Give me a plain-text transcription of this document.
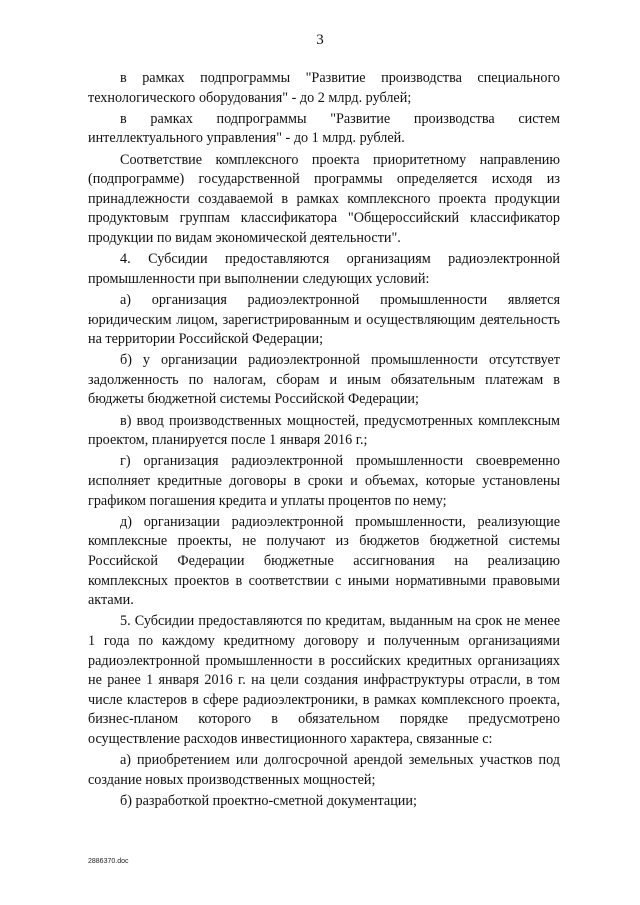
3

в рамках подпрограммы "Развитие производства специального технологического оборудования" - до 2 млрд. рублей;

в рамках подпрограммы "Развитие производства систем интеллектуального управления" - до 1 млрд. рублей.

Соответствие комплексного проекта приоритетному направлению (подпрограмме) государственной программы определяется исходя из принадлежности создаваемой в рамках комплексного проекта продукции продуктовым группам классификатора "Общероссийский классификатор продукции по видам экономической деятельности".

4. Субсидии предоставляются организациям радиоэлектронной промышленности при выполнении следующих условий:

а) организация радиоэлектронной промышленности является юридическим лицом, зарегистрированным и осуществляющим деятельность на территории Российской Федерации;

б) у организации радиоэлектронной промышленности отсутствует задолженность по налогам, сборам и иным обязательным платежам в бюджеты бюджетной системы Российской Федерации;

в) ввод производственных мощностей, предусмотренных комплексным проектом, планируется после 1 января 2016 г.;

г) организация радиоэлектронной промышленности своевременно исполняет кредитные договоры в сроки и объемах, которые установлены графиком погашения кредита и уплаты процентов по нему;

д) организации радиоэлектронной промышленности, реализующие комплексные проекты, не получают из бюджетов бюджетной системы Российской Федерации бюджетные ассигнования на реализацию комплексных проектов в соответствии с иными нормативными правовыми актами.

5. Субсидии предоставляются по кредитам, выданным на срок не менее 1 года по каждому кредитному договору и полученным организациями радиоэлектронной промышленности в российских кредитных организациях не ранее 1 января 2016 г. на цели создания инфраструктуры отрасли, в том числе кластеров в сфере радиоэлектроники, в рамках комплексного проекта, бизнес-планом которого в обязательном порядке предусмотрено осуществление расходов инвестиционного характера, связанные с:

а) приобретением или долгосрочной арендой земельных участков под создание новых производственных мощностей;

б) разработкой проектно-сметной документации;

2886370.doc
